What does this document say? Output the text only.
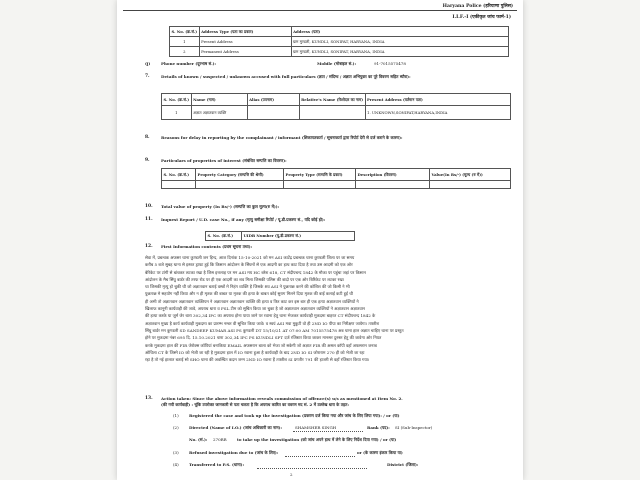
Haryana Police (हरियाणा पुलिस)
I.I.F.-I (एकीकृत जांच फार्म-1)
S. No. (क्र.सं.)	Address Type (पता का प्रकार)	Address (पता)
1	Present Address	ग्राम मुण्डली, KUNDLI, SONIPAT, HARYANA, INDIA
2	Permanent Address	ग्राम मुण्डली, KUNDLI, SONIPAT, HARYANA, INDIA
(j)	Phone number (दूरभाष सं.):	Mobile (मोबाइल सं.):	91-7015575478
7.	Details of known / suspected / unknown accused with full particulars (ज्ञात / संदिग्ध / अज्ञात अभियुक्त का पूरे विवरण सहित ब्यौरा):
S. No. (क्र.सं.)	Name (नाम)	Alias (उपनाम)	Relative's Name (रिश्तेदार का नाम)	Present Address (वर्तमान पता)
1	अज्ञात अज्ञातवान व्यक्ति			1. UNKNOWN,SONIPAT,HARYANA,INDIA
8.	Reasons for delay in reporting by the complainant / informant (शिकायतकर्ता / सूचनाकर्ता द्वारा रिपोर्ट देरी से दर्ज कराने के कारण):
9.	Particulars of properties of interest (संबंधित सम्पत्ति का विवरण):
S. No. (क्र.सं.)	Property Category (सम्पत्ति की श्रेणी)	Property Type (सम्पत्ति के प्रकार)	Description (विवरण)	Value(In Rs/-) (मूल्य (रु में))

10. Total value of property (In Rs/-) (सम्पत्ति का कुल मूल्य(रु में)):
11. Inquest Report / U.D. case No., if any (मृत्यु समीक्षा रिपोर्ट / यू.डी.प्रकरण सं., यदि कोई हो):
S. No. (क्र.सं.)	UIDB Number (यू.डी.प्रकरण सं.)
12. First Information contents (प्रथम सूचना तथ्य):
सेवा में, प्रबन्धक अफसर थाना कुण्डली जन हिन्द, आज दिनांक 15-10-2021 को मन ASI काटेंद्र प्रबन्धक थाना कुण्डली जिला पर जा समय
करीब 5 बजे सुबह थाना से इस्तत ड्राफ्ट हुई कि किसान आंदोलन के सिंघनों से एक आदमी का हाथ काट दिया है तथा उस आदमी को एक ओर
बेरिकेट पर टांगी से बांधकर लटका रखा है जिस इत्तलाह पर मन ASI मय HC बरेश 618, CT संदीपचन्द 1842 के मौका पर पहुंचा जहां पर किसान
आंदोलन के मैच सिंघु बार्डर की तरफ रोड पर ही एक आदमी का शव मिला जिसकी पलिस की बादो पर एक ओर बिरिकेट पर लटका रखा
था जिसकी मृत्यु हो चुकी थी जो अज्ञातवान बताई वस्त्रों मे निहंग व्यक्ति है जिसके शव ASI ने पुछताछ करने की कोशिश की जो किसी ने भी
पुछताछ मे सहयोग नहीं किया और न ही मृतक की बाबत या मृतक की हत्या के बाबत कोई सुराग मिलने दिया मृतक की बाईं कलाई कटी हुई थी
ही अभी तो अज्ञातवान अज्ञातवान व्यक्तियन ने अज्ञातवान अज्ञातवान व्यक्ति की हत्या व फिर काट कर इस बार ही एक हत्या अज्ञातवान व्यक्तियों ने
खिलाफ कानूनी कार्यवाही की जावे, अपराध धारा व FSL टीम को सूचित किया जा चुका है जो अज्ञातवान अज्ञातवान व्यक्तियों ने अज्ञातवान अज्ञातवान
की हत्या करके या जुर्म जेर धारा 302,34 IPC का अपराध होना पाया जाने पर रवाना हेतु थाना भेजकर कार्यवाही मुकदमा बाहरत CT संदीपचन्द 1842 के
अज्ञातवान मुख्य है कार्य कार्यवाही मुकदमा का प्रारम्भ नम्बर वी सूचित किया जावे। व स्वयं ASI मवा मुकुटी वो ही 2ND IO पीपा का निरीक्षण जायेगा। तफ्तीश
सिंघु बार्डर मन कुण्डली SD SANDEEP KUMAR ASI PS कुण्डली DT 15/10/21 AT 07:00 AM 7015575478 अब थाना हाल अज्ञात चाहिए थाना पर प्रस्तुत
होने पर मुकदमा नंबर 695 दि. 15.10.2021 धारा 302,34 IPC PS KUNDLI SPT दर्ज रजिस्टर किया जाकर मानसर दुरुस्त हेतु की जावेगा ओर नियत
करके मुकदमा हाल की FIR जेरोक्स कॉपियां बनाकिया EMAIL अफसरान बाला को भेजा जो सकेगी जो अज्ञात FIR की असल कॉपी वहाँ अफसरान जनाब
ओथिला CT के जिस्मे IO को भेजी जा रही है मुकदमा हाल में IO रवाना हुआ है कार्यवाही के बाद 2ND IO SI जोराराम 270 ही को भेजी जा रहा
रहा है तो नई हालात बताई सो SHO थाना की अवस्थित कदम जन्म 2ND IO रवाना हैं तफ्तीश SI प्रगतीर 791 की हाजरी से वहाँ रजिस्टर किया गया।
13. Action taken: Since the above information reveals commission of offence(s) u/s as mentioned at Item No. 2.
(की गयी कार्यवाही) : चूंकि उपरोक्त जानकारी से पता चलता है कि अपराध कारित का ववरण मद सं. 2 में उल्लेख धारा के तहत:
(1)	Registered the case and took up the investigation (प्रकरण दर्ज किया गया और जांच के लिए लिया गया): / or (या)
(2)	Directed (Name of I.O.) (जांच अधिकारी का नाम):	SHAMSHER SINGH	Rank (पद): SI (Sub-Inspector)
No. (सं.): 270RR	to take up the investigation (को जांच अपने हाथ में लेने के लिए निर्देश दिया गया) / or (या)
(3)	Refused investigation due to (जांच के लिए):	or (के कारण इंकार किया या)
(4)	Transferred to P.S. (थाना):	District (जिला):
2
